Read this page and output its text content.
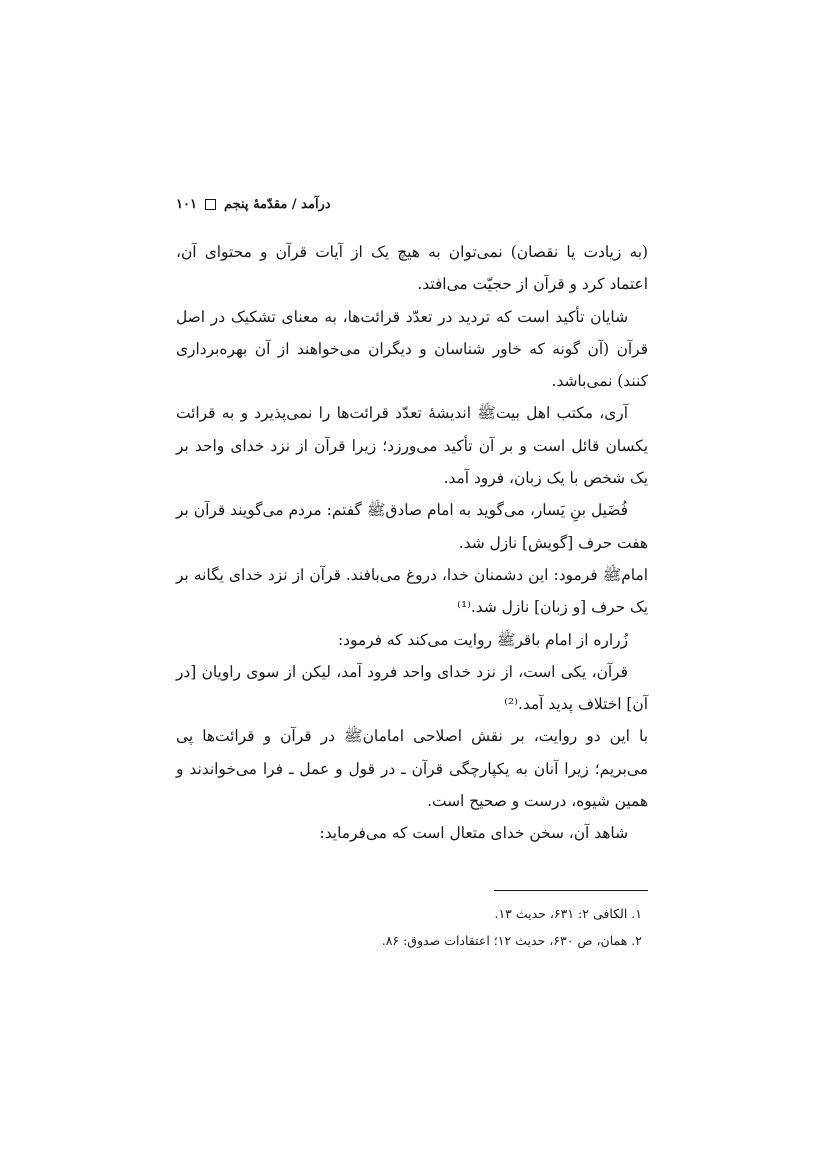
درآمد / مقدّمهٔ پنجم
۱۰۱

(به زیادت یا نقصان) نمی‌توان به هیچ یک از آیات قرآن و محتوای آن، اعتماد کرد و قرآن از حجیّت می‌افتد.

شایان تأکید است که تردید در تعدّد قرائت‌ها، به معنای تشکیک در اصل قرآن (آن گونه که خاور شناسان و دیگران می‌خواهند از آن بهره‌برداری کنند) نمی‌باشد.

آری، مکتب اهل بیت‌ﷺ اندیشهٔ تعدّد قرائت‌ها را نمی‌پذیرد و به قرائت یکسان قائل است و بر آن تأکید می‌ورزد؛ زیرا قرآن از نزد خدای واحد بر یک شخص با یک زبان، فرود آمد.

فُضَیل بنِ یَسار، می‌گوید به امام صادق‌ﷺ گفتم: مردم می‌گویند قرآن بر هفت حرف [گویش] نازل شد.

امام‌ﷺ فرمود: این دشمنان خدا، دروغ می‌بافند. قرآن از نزد خدای یگانه بر یک حرف [و زبان] نازل شد.⁽¹⁾

زُراره از امام باقر‌ﷺ روایت می‌کند که فرمود:

قرآن، یکی است، از نزد خدای واحد فرود آمد، لیکن از سوی راویان [در آن] اختلاف پدید آمد.⁽²⁾

با این دو روایت، بر نقش اصلاحی امامان‌ﷺ در قرآن و قرائت‌ها پی می‌بریم؛ زیرا آنان به یکپارچگی قرآن ـ در قول و عمل ـ فرا می‌خواندند و همین شیوه، درست و صحیح است.

شاهد آن، سخن خدای متعال است که می‌فرماید:

۱. الکافی ۲: ۶۳۱، حدیث ۱۳.
۲. همان، ص ۶۳۰، حدیث ۱۲؛ اعتقادات صدوق: ۸۶.
